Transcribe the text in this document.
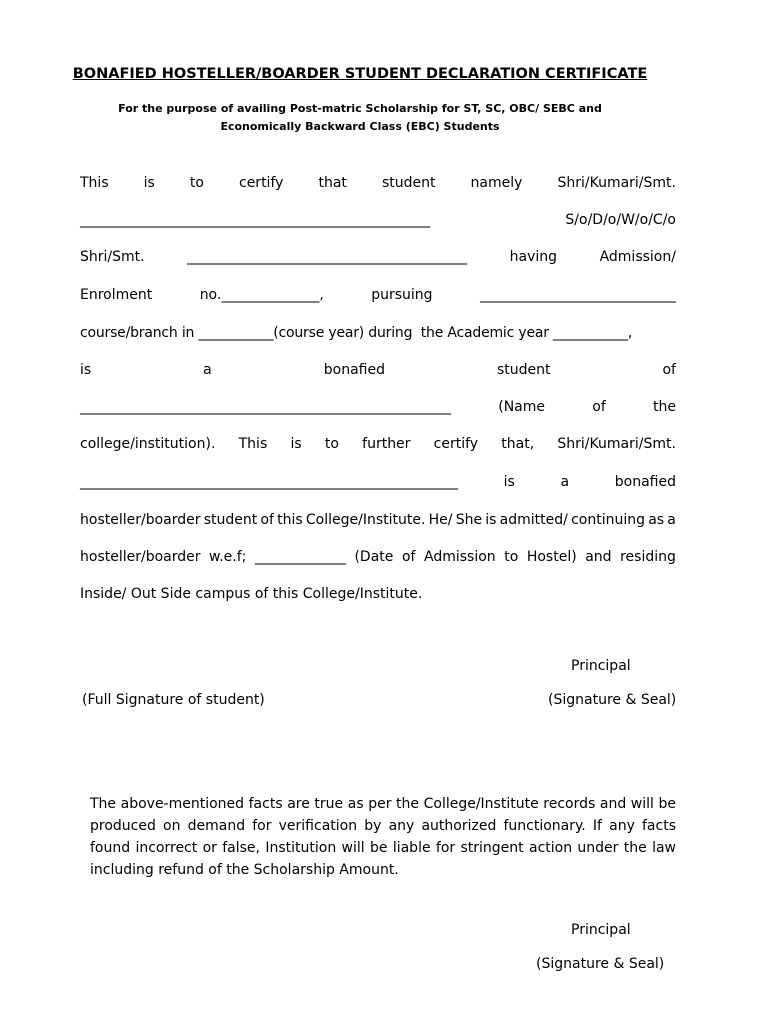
BONAFIED HOSTELLER/BOARDER STUDENT DECLARATION CERTIFICATE
For the purpose of availing Post-matric Scholarship for ST, SC, OBC/ SEBC and
Economically Backward Class (EBC) Students
This	is	to	certify	that	student	namely	Shri/Kumari/Smt.
_____________________________________________________	S/o/D/o/W/o/C/o
Shri/Smt.	________________________________________	having	Admission/
Enrolment	no.______________,	pursuing	____________________________
course/branch in ___________(course year) during  the Academic year ___________,
is	a	bonafied	student	of
_____________________________________________________	(Name	of	the
college/institution). This is to further certify that, Shri/Kumari/Smt.
______________________________________________________	is	a	bonafied
hosteller/boarder student of this College/Institute. He/ She is admitted/ continuing as a
hosteller/boarder w.e.f; _____________ (Date of Admission to Hostel) and residing
Inside/ Out Side campus of this College/Institute.
Principal
(Full Signature of student)	(Signature & Seal)
The above-mentioned facts are true as per the College/Institute records and will be produced on demand for verification by any authorized functionary. If any facts found incorrect or false, Institution will be liable for stringent action under the law including refund of the Scholarship Amount.
Principal
(Signature & Seal)
